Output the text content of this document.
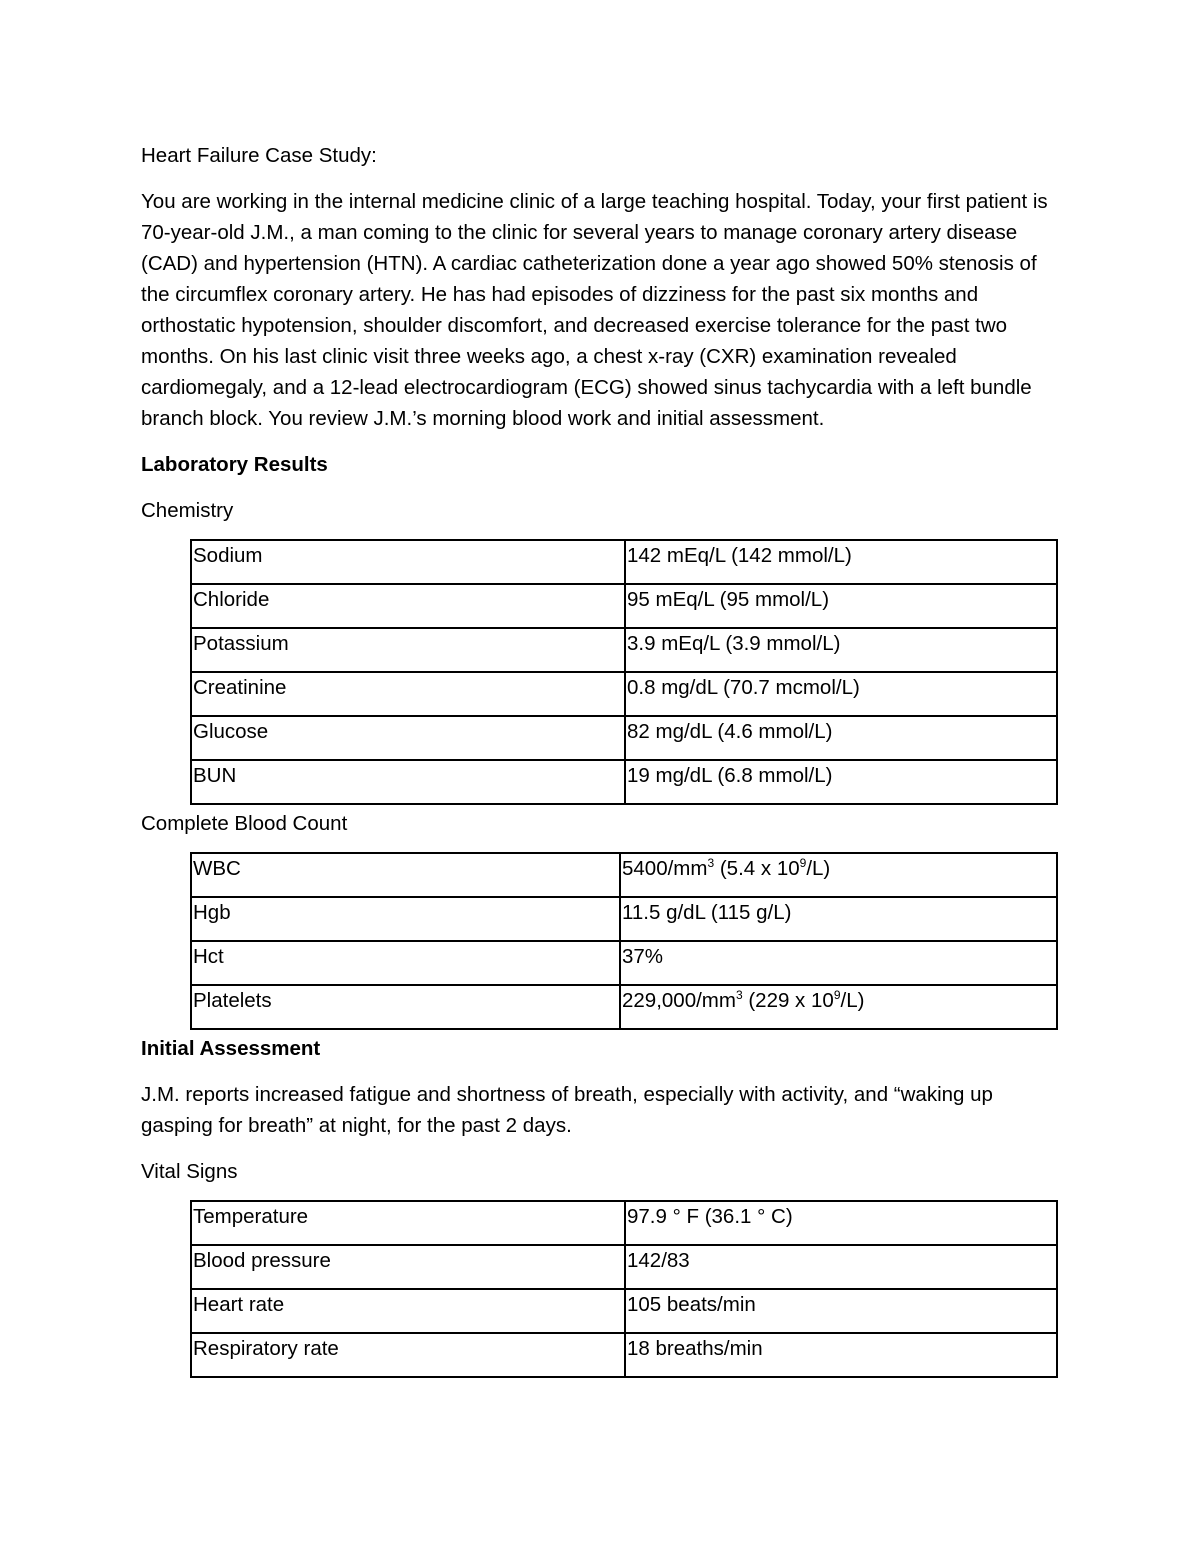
Heart Failure Case Study:

You are working in the internal medicine clinic of a large teaching hospital. Today, your first patient is 70-year-old J.M., a man coming to the clinic for several years to manage coronary artery disease (CAD) and hypertension (HTN). A cardiac catheterization done a year ago showed 50% stenosis of the circumflex coronary artery. He has had episodes of dizziness for the past six months and orthostatic hypotension, shoulder discomfort, and decreased exercise tolerance for the past two months. On his last clinic visit three weeks ago, a chest x-ray (CXR) examination revealed cardiomegaly, and a 12-lead electrocardiogram (ECG) showed sinus tachycardia with a left bundle branch block. You review J.M.’s morning blood work and initial assessment.

Laboratory Results

Chemistry

Sodium	142 mEq/L (142 mmol/L)
Chloride	95 mEq/L (95 mmol/L)
Potassium	3.9 mEq/L (3.9 mmol/L)
Creatinine	0.8 mg/dL (70.7 mcmol/L)
Glucose	82 mg/dL (4.6 mmol/L)
BUN	19 mg/dL (6.8 mmol/L)

Complete Blood Count

WBC	$5400/mm^3$ (5.4 x $10^9/L$)
Hgb	11.5 g/dL (115 g/L)
Hct	37%
Platelets	$229,000/mm^3$ (229 x $10^9/L$)

Initial Assessment

J.M. reports increased fatigue and shortness of breath, especially with activity, and “waking up gasping for breath” at night, for the past 2 days.

Vital Signs

Temperature	97.9 ° F (36.1 ° C)
Blood pressure	142/83
Heart rate	105 beats/min
Respiratory rate	18 breaths/min
